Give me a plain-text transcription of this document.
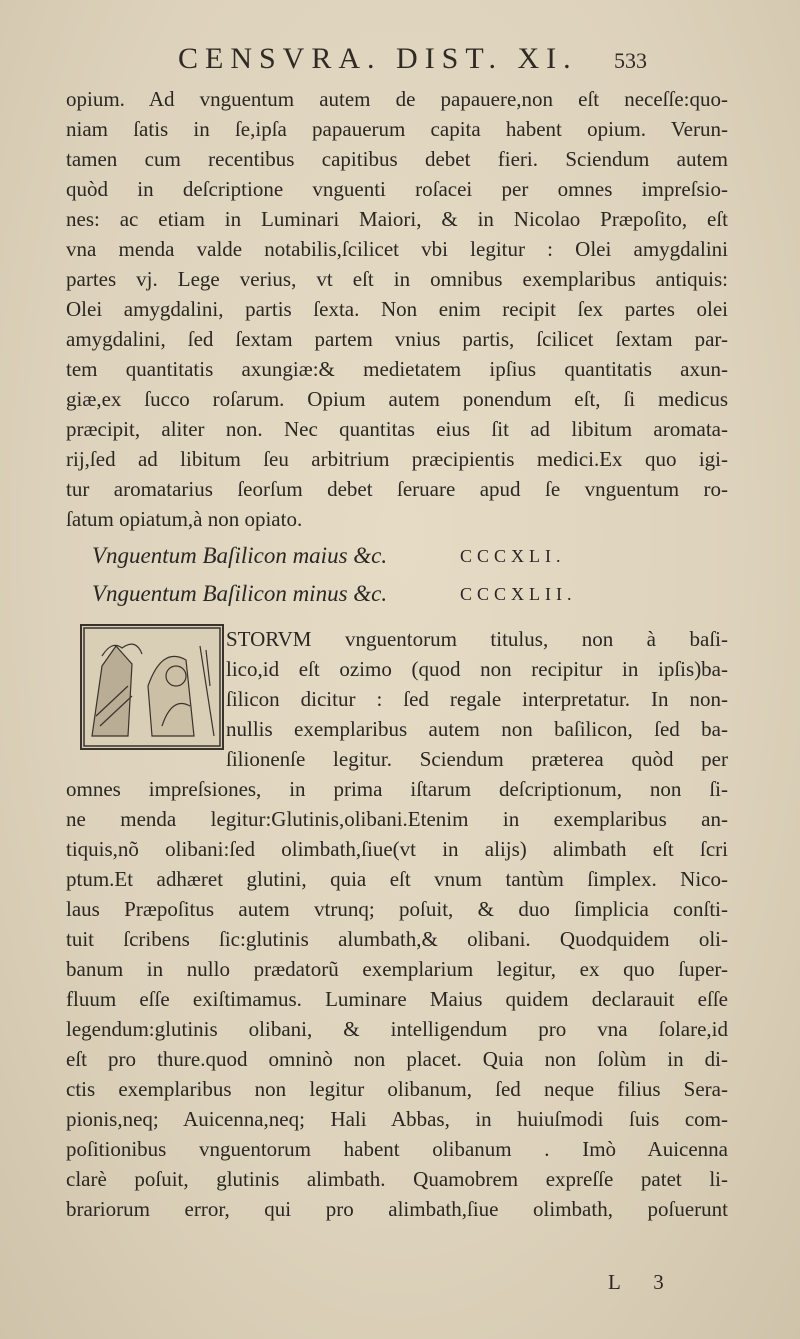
CENSVRA. DIST. XI. 533
opium. Ad vnguentum autem de papauere,non eſt neceſſe:quo-
niam ſatis in ſe,ipſa papauerum capita habent opium. Verun-
tamen cum recentibus capitibus debet fieri. Sciendum autem
quòd in deſcriptione vnguenti roſacei per omnes impreſsio-
nes: ac etiam in Luminari Maiori, & in Nicolao Præpoſito, eſt
vna menda valde notabilis,ſcilicet vbi legitur : Olei amygdalini
partes vj. Lege verius, vt eſt in omnibus exemplaribus antiquis:
Olei amygdalini, partis ſexta. Non enim recipit ſex partes olei
amygdalini, ſed ſextam partem vnius partis, ſcilicet ſextam par-
tem quantitatis axungiæ:& medietatem ipſius quantitatis axun-
giæ,ex ſucco roſarum. Opium autem ponendum eſt, ſi medicus
præcipit, aliter non. Nec quantitas eius ſit ad libitum aromata-
rij,ſed ad libitum ſeu arbitrium præcipientis medici.Ex quo igi-
tur aromatarius ſeorſum debet ſeruare apud ſe vnguentum ro-
ſatum opiatum,à non opiato.
Vnguentum Baſilicon maius &c.	CCCXLI.
Vnguentum Baſilicon minus &c.	CCCXLII.
STORVM vnguentorum titulus, non à baſi-
lico,id eſt ozimo (quod non recipitur in ipſis)ba-
ſilicon dicitur : ſed regale interpretatur. In non-
nullis exemplaribus autem non baſilicon, ſed ba-
ſilionenſe legitur. Sciendum præterea quòd per
omnes impreſsiones, in prima iſtarum deſcriptionum, non ſi-
ne menda legitur:Glutinis,olibani.Etenim in exemplaribus an-
tiquis,nõ olibani:ſed olimbath,ſiue(vt in alijs) alimbath eſt ſcri
ptum.Et adhæret glutini, quia eſt vnum tantùm ſimplex. Nico-
laus Præpoſitus autem vtrunq; poſuit, & duo ſimplicia conſti-
tuit ſcribens ſic:glutinis alumbath,& olibani. Quodquidem oli-
banum in nullo prædatorũ exemplarium legitur, ex quo ſuper-
fluum eſſe exiſtimamus. Luminare Maius quidem declarauit eſſe
legendum:glutinis olibani, & intelligendum pro vna ſolare,id
eſt pro thure.quod omninò non placet. Quia non ſolùm in di-
ctis exemplaribus non legitur olibanum, ſed neque filius Sera-
pionis,neq; Auicenna,neq; Hali Abbas, in huiuſmodi ſuis com-
poſitionibus vnguentorum habent olibanum . Imò Auicenna
clarè poſuit, glutinis alimbath. Quamobrem expreſſe patet li-
brariorum error, qui pro alimbath,ſiue olimbath, poſuerunt
L 3
